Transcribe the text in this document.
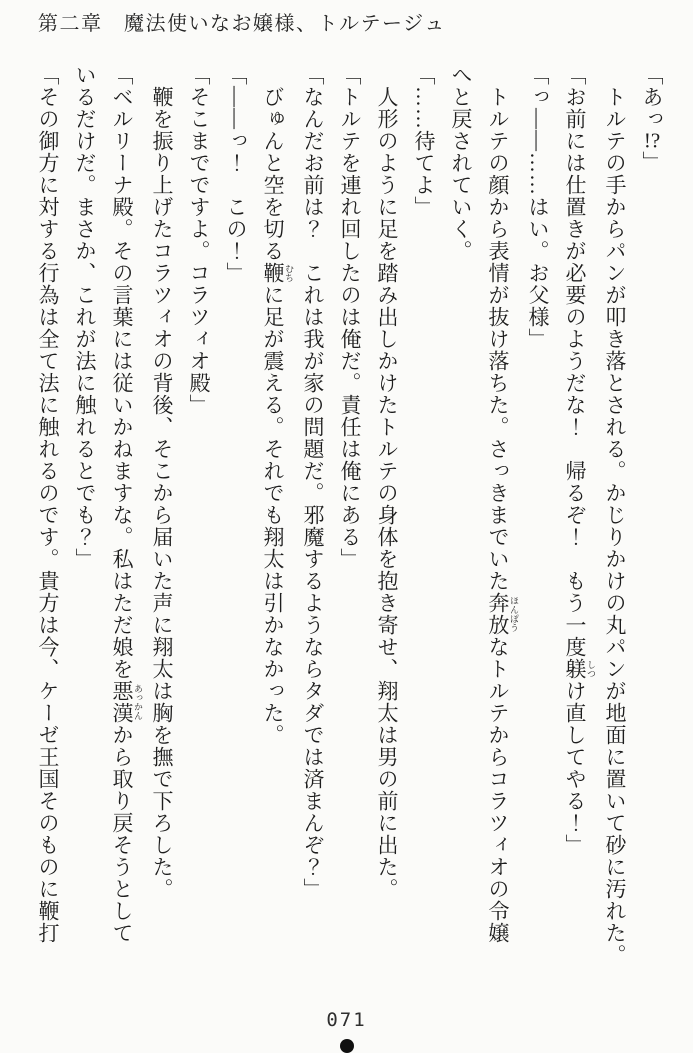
第二章　魔法使いなお嬢様、トルテージュ

「あっ!?」

　トルテの手からパンが叩き落とされる。かじりかけの丸パンが地面に置いて砂に汚れた。

「お前には仕置きが必要のようだな！　帰るぞ！　もう一度躾 しつけ直してやる！」

「っ――……はい。お父様」

　トルテの顔から表情が抜け落ちた。さっきまでいた奔放 ほんぽうなトルテからコラツィオの令嬢

へと戻されていく。

「……待てよ」

　人形のように足を踏み出しかけたトルテの身体を抱き寄せ、翔太は男の前に出た。

「トルテを連れ回したのは俺だ。責任は俺にある」

「なんだお前は？　これは我が家の問題だ。邪魔するようならタダでは済まんぞ？」

　びゅんと空を切る鞭 むちに足が震える。それでも翔太は引かなかった。

「――っ！　この！」

「そこまでですよ。コラツィオ殿」

　鞭を振り上げたコラツィオの背後、そこから届いた声に翔太は胸を撫で下ろした。

「ベルリーナ殿。その言葉には従いかねますな。私はただ娘を悪漢 あっかんから取り戻そうとして

いるだけだ。まさか、これが法に触れるとでも？」

「その御方に対する行為は全て法に触れるのです。貴方は今、ケーゼ王国そのものに鞭打

071
